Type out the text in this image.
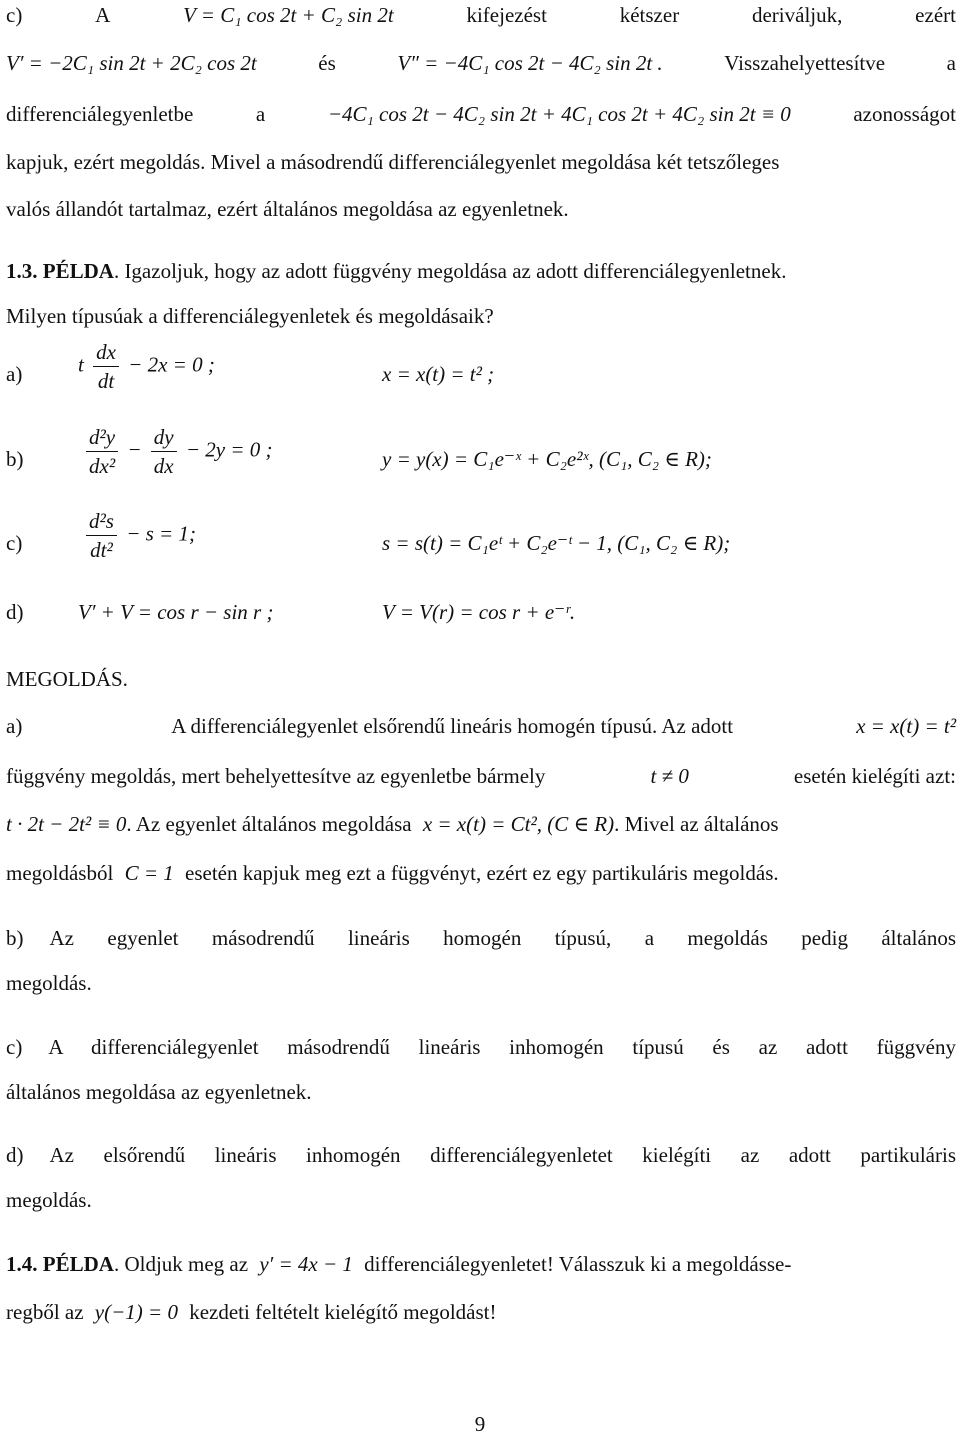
c)	A	V = C₁ cos 2t + C₂ sin 2t	kifejezést	kétszer	deriváljuk,	ezért
V′ = −2C₁ sin 2t + 2C₂ cos 2t	és	V″ = −4C₁ cos 2t − 4C₂ sin 2t .	Visszahelyettesítve	a
differenciálegyenletbe	a	−4C₁ cos 2t − 4C₂ sin 2t + 4C₁ cos 2t + 4C₂ sin 2t ≡ 0	azonosságot
kapjuk, ezért megoldás. Mivel a másodrendű differenciálegyenlet megoldása két tetszőleges
valós állandót tartalmaz, ezért általános megoldása az egyenletnek.
1.3. PÉLDA. Igazoljuk, hogy az adott függvény megoldása az adott differenciálegyenletnek.
Milyen típusúak a differenciálegyenletek és megoldásaik?
a)	t $\frac{dx}{dt} - 2x = 0$ ;	x = x(t) = t² ;
b)	$\frac{\text{d²y}}{\text{dx²}} - \frac{dy}{dx} - 2y = 0$ ;	y = y(x) = C₁e⁻ˣ + C₂e²ˣ, (C₁, C₂ ∈ R);
c)	$\frac{\text{d²s}}{\text{dt²}} - s = 1$;	s = s(t) = C₁eᵗ + C₂e⁻ᵗ − 1, (C₁, C₂ ∈ R);
d)	V′ + V = cos r − sin r ;	V = V(r) = cos r + e⁻ʳ.
MEGOLDÁS.
a)	A differenciálegyenlet elsőrendű lineáris homogén típusú. Az adott	x = x(t) = t²
függvény megoldás, mert behelyettesítve az egyenletbe bármely	t ≠ 0	esetén kielégíti azt:
t · 2t − 2t² ≡ 0. Az egyenlet általános megoldása x = x(t) = Ct², (C ∈ R). Mivel az általános
megoldásból C = 1 esetén kapjuk meg ezt a függvényt, ezért ez egy partikuláris megoldás.
b) Az egyenlet másodrendű lineáris homogén típusú, a megoldás pedig általános
megoldás.
c) A differenciálegyenlet másodrendű lineáris inhomogén típusú és az adott függvény
általános megoldása az egyenletnek.
d) Az elsőrendű lineáris inhomogén differenciálegyenletet kielégíti az adott partikuláris
megoldás.
1.4. PÉLDA. Oldjuk meg az y′ = 4x − 1 differenciálegyenletet! Válasszuk ki a megoldásse-
regből az y(−1) = 0 kezdeti feltételt kielégítő megoldást!
9
